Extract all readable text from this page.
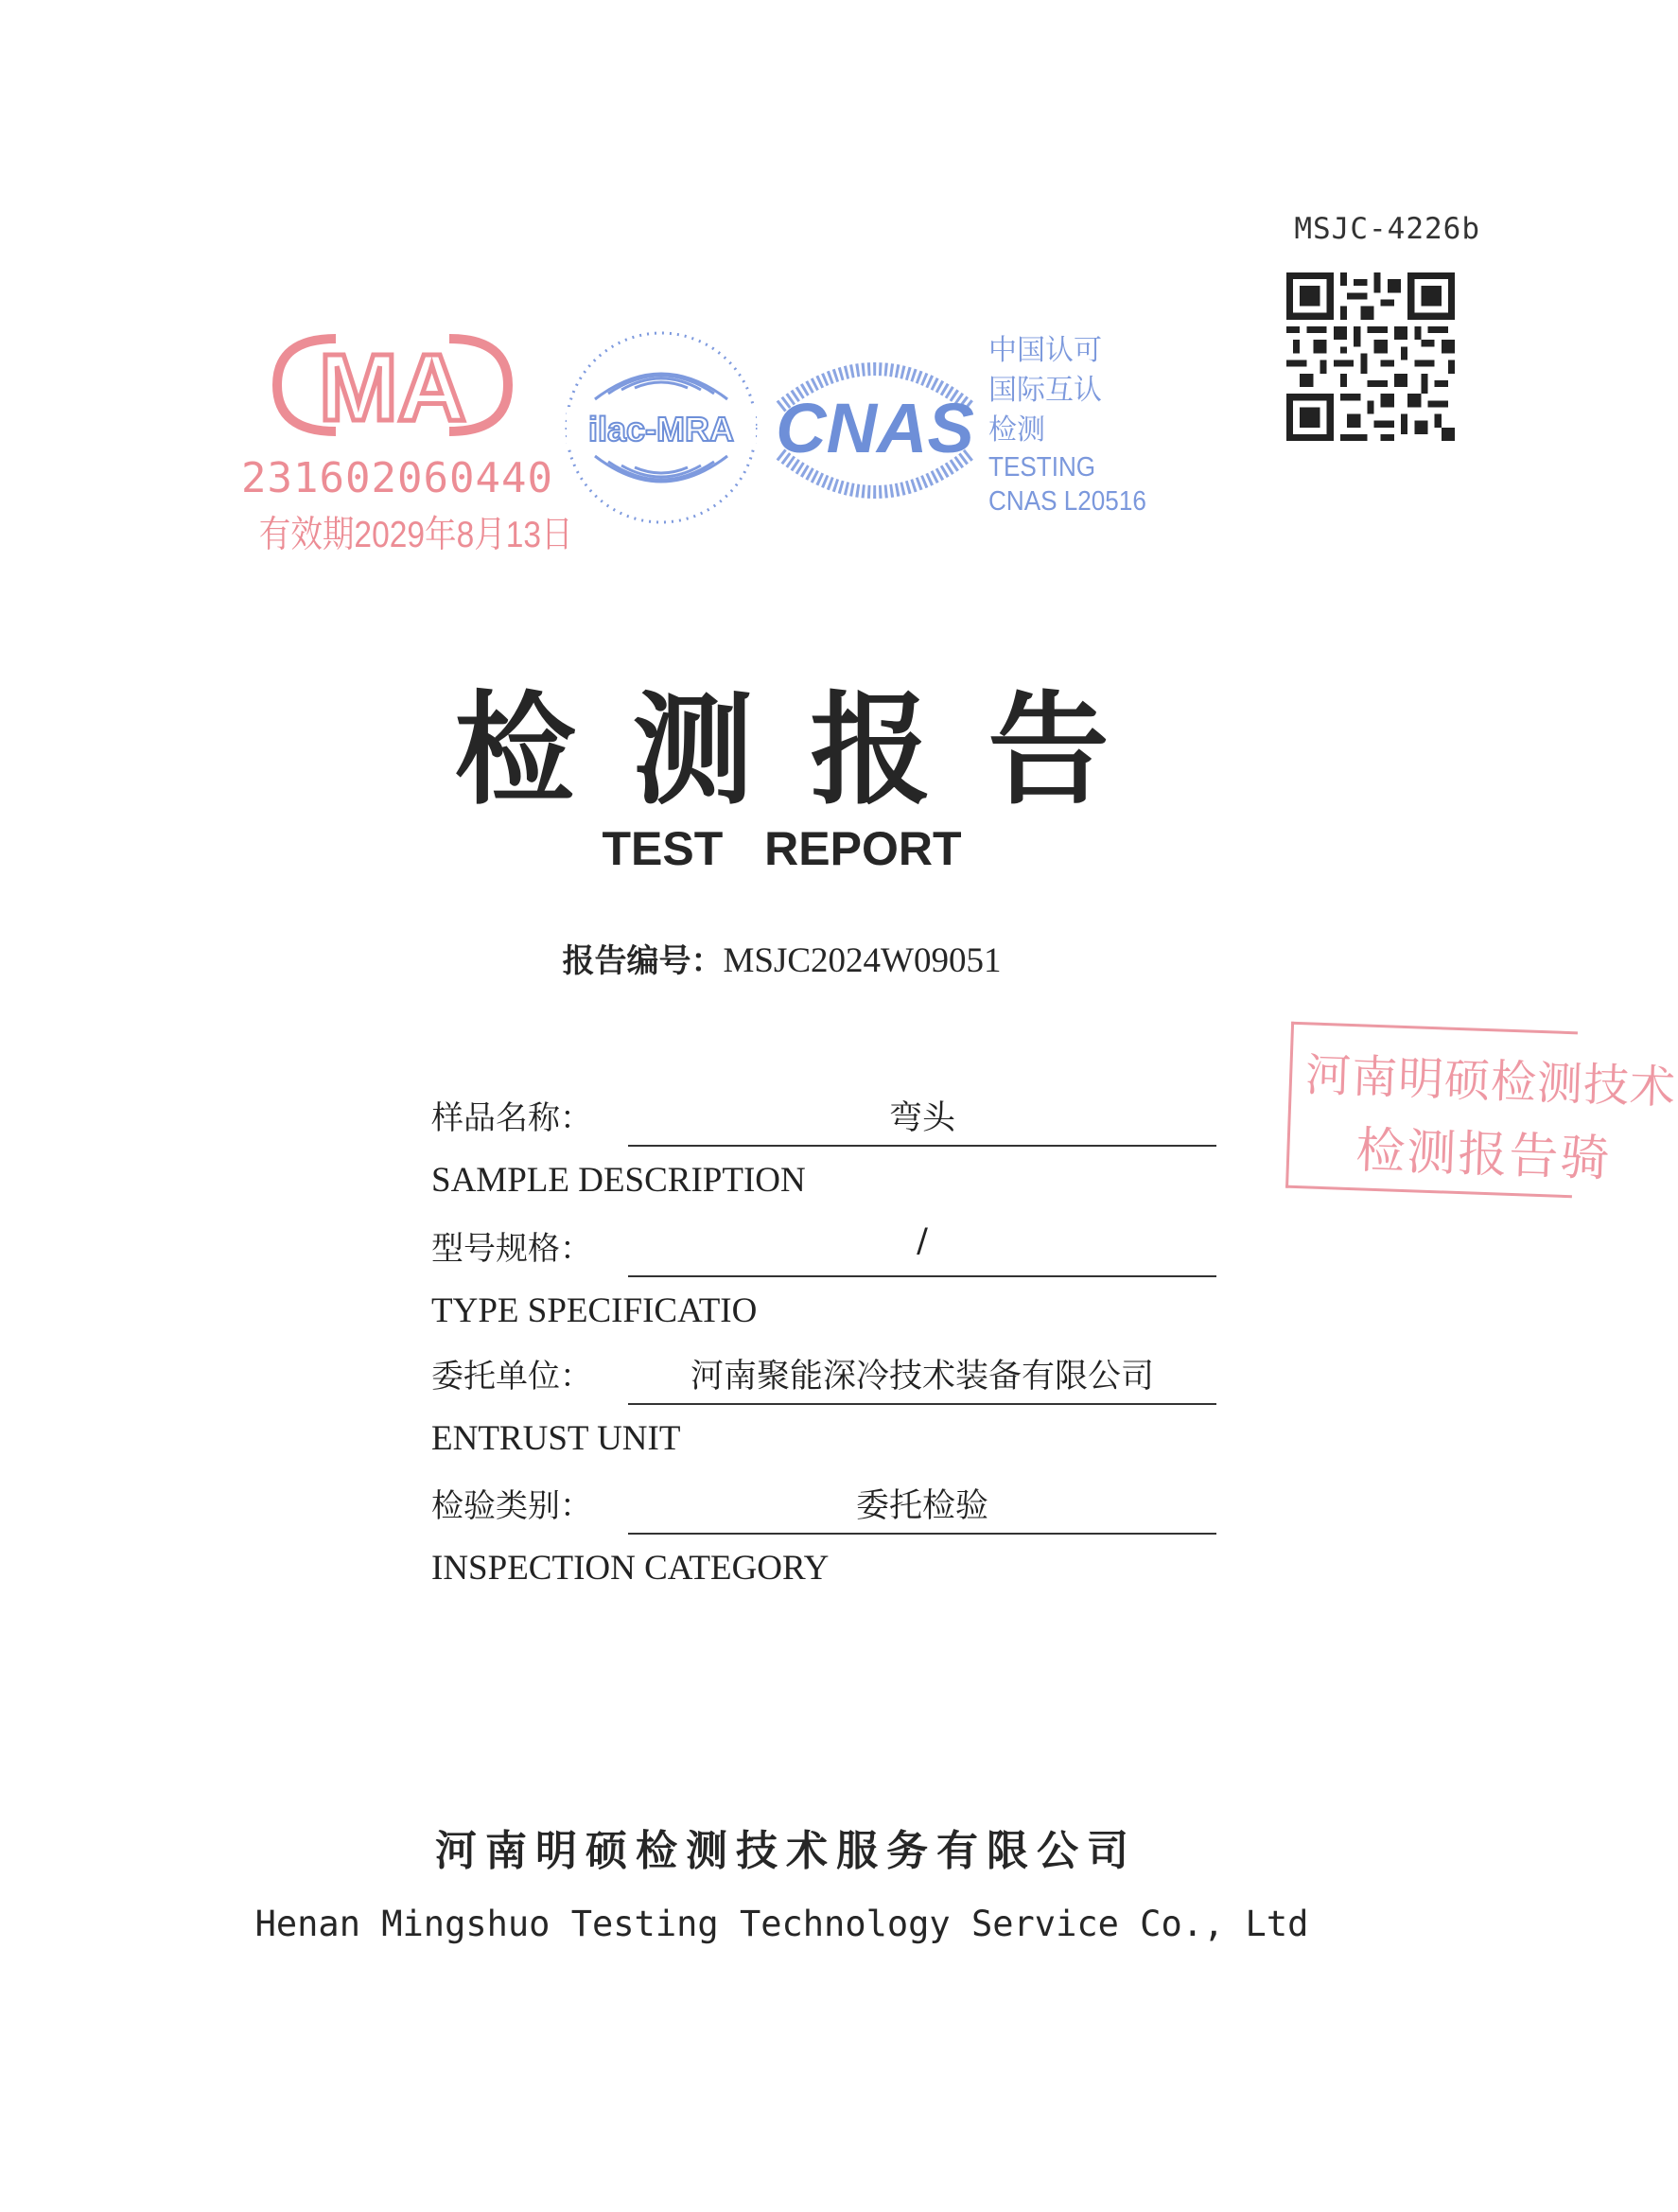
MSJC-4226b
MA
231602060440
有效期2029年8月13日
ilac-MRA CNAS
中国认可
国际互认
检测
TESTING
CNAS L20516
检测报告
TEST REPORT
报告编号：MSJC2024W09051
河南明硕检测技术
检测报告骑
样品名称：	弯头
SAMPLE DESCRIPTION
型号规格：	/
TYPE SPECIFICATIO
委托单位：	河南聚能深冷技术装备有限公司
ENTRUST UNIT
检验类别：	委托检验
INSPECTION CATEGORY
河南明硕检测技术服务有限公司
Henan Mingshuo Testing Technology Service Co., Ltd
